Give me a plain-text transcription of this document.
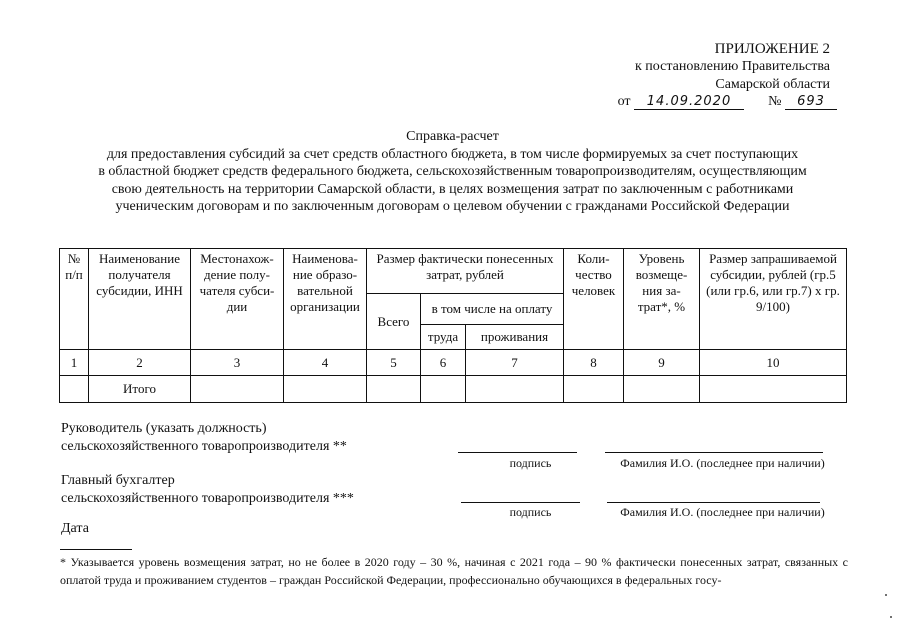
ПРИЛОЖЕНИЕ 2
к постановлению Правительства
Самарской области
от 14.09.2020	№ 693
Справка-расчет
для предоставления субсидий за счет средств областного бюджета, в том числе формируемых за счет поступающих
в областной бюджет средств федерального бюджета, сельскохозяйственным товаропроизводителям, осуществляющим
свою деятельность на территории Самарской области, в целях возмещения затрат по заключенным с работниками
ученическим договорам и по заключенным договорам о целевом обучении с гражданами Российской Федерации
№ п/п	Наименование получателя субсидии, ИНН	Местонахож-дение полу-чателя субси-дии	Наименова-ние образо-вательной организации	Размер фактически понесенных затрат, рублей			Коли-чество человек	Уровень возмеще-ния за-трат*, %	Размер запрашиваемой субсидии, рублей (гр.5 (или гр.6, или гр.7) х гр. 9/100)
				Всего	в том числе на оплату				
					труда	проживания			
1	2	3	4	5	6	7	8	9	10
	Итого								
Руководитель (указать должность)
сельскохозяйственного товаропроизводителя **
подпись	Фамилия И.О. (последнее при наличии)
Главный бухгалтер
сельскохозяйственного товаропроизводителя ***
подпись	Фамилия И.О. (последнее при наличии)
Дата
* Указывается уровень возмещения затрат, но не более в 2020 году – 30 %, начиная с 2021 года – 90 % фактически понесенных затрат, связанных с оплатой труда и проживанием студентов – граждан Российской Федерации, профессионально обучающихся в федеральных госу-
